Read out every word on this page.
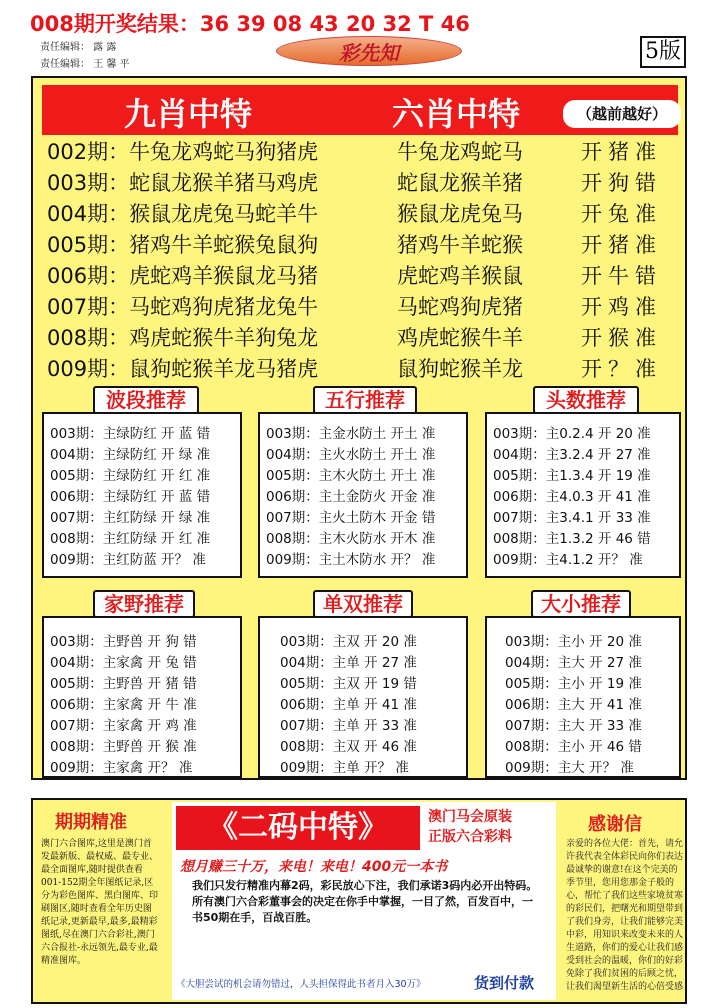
008期开奖结果：36 39 08 43 20 32 T 46
责任编辑： 露 露
责任编辑： 王 馨 平	彩先知	5版
九肖中特	六肖中特	（越前越好）
002期：牛兔龙鸡蛇马狗猪虎	牛兔龙鸡蛇马	开猪准
003期：蛇鼠龙猴羊猪马鸡虎	蛇鼠龙猴羊猪	开狗错
004期：猴鼠龙虎兔马蛇羊牛	猴鼠龙虎兔马	开兔准
005期：猪鸡牛羊蛇猴兔鼠狗	猪鸡牛羊蛇猴	开猪准
006期：虎蛇鸡羊猴鼠龙马猪	虎蛇鸡羊猴鼠	开牛错
007期：马蛇鸡狗虎猪龙兔牛	马蛇鸡狗虎猪	开鸡准
008期：鸡虎蛇猴牛羊狗兔龙	鸡虎蛇猴牛羊	开猴准
009期：鼠狗蛇猴羊龙马猪虎	鼠狗蛇猴羊龙	开？准
波段推荐
003期：主绿防红 开 蓝 错
004期：主绿防红 开 绿 准
005期：主绿防红 开 红 准
006期：主绿防红 开 蓝 错
007期：主红防绿 开 绿 准
008期：主红防绿 开 红 准
009期：主红防蓝 开？ 准
五行推荐
003期：主金水防土 开土 准
004期：主火水防土 开土 准
005期：主木火防土 开土 准
006期：主土金防火 开金 准
007期：主火土防木 开金 错
008期：主木火防水 开木 准
009期：主土木防水 开？ 准
头数推荐
003期：主0.2.4 开 20 准
004期：主3.2.4 开 27 准
005期：主1.3.4 开 19 准
006期：主4.0.3 开 41 准
007期：主3.4.1 开 33 准
008期：主1.3.2 开 46 错
009期：主4.1.2 开？ 准
家野推荐
003期：主野兽 开 狗 错
004期：主家禽 开 兔 错
005期：主野兽 开 猪 错
006期：主家禽 开 牛 准
007期：主家禽 开 鸡 准
008期：主野兽 开 猴 准
009期：主家禽 开？ 准
单双推荐
003期：主双 开 20 准
004期：主单 开 27 准
005期：主双 开 19 错
006期：主单 开 41 准
007期：主单 开 33 准
008期：主双 开 46 准
009期：主单 开？ 准
大小推荐
003期：主小 开 20 准
004期：主大 开 27 准
005期：主小 开 19 准
006期：主大 开 41 准
007期：主大 开 33 准
008期：主小 开 46 错
009期：主大 开？ 准
期期精准
澳门六合图库,这里是澳门首发最新版、最权威、最专业、最全面图库,随时提供查看001-152期全年图纸记录,区分为彩色图库、黑白图库、印刷图区,随时查看全年历史图纸记录,更新最早,最多,最精彩图纸,尽在澳门六合彩社,澳门六合报社-永远领先,最专业,最精准图库。
《二码中特》	澳门马会原装
正版六合彩料
想月赚三十万，来电！来电！400元一本书
我们只发行精准内幕2码，彩民放心下注，我们承诺3码内必开出特码。所有澳门六合彩董事会的决定在你手中掌握，一目了然，百发百中，一书50期在手，百战百胜。
《大胆尝试的机会请勿错过，人头担保得此书者月入30万》	货到付款
感谢信
亲爱的各位大佬：首先，请允许我代表全体彩民向你们表达最诚挚的谢意!在这个完美的季节里，您用您那金子般的心，帮忙了我们这些家境贫寒的彩民们，把曙光和期望带到了我们身旁，让我们能够完美中彩，用知识来改变未来的人生道路，你们的爱心让我们感受到社会的温暖，你们的好彩免除了我们贫困的后顾之忧，让我们渴望新生活的心倍受感
